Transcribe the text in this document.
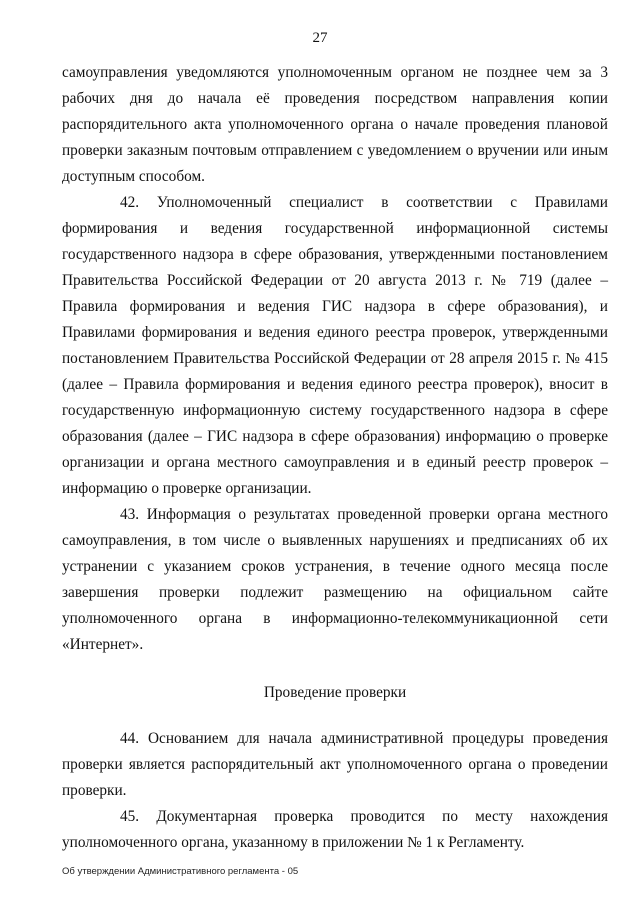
27

самоуправления уведомляются уполномоченным органом не позднее чем за 3 рабочих дня до начала её проведения посредством направления копии распорядительного акта уполномоченного органа о начале проведения плановой проверки заказным почтовым отправлением с уведомлением о вручении или иным доступным способом.

42. Уполномоченный специалист в соответствии с Правилами формирования и ведения государственной информационной системы государственного надзора в сфере образования, утвержденными постановлением Правительства Российской Федерации от 20 августа 2013 г. № 719 (далее – Правила формирования и ведения ГИС надзора в сфере образования), и Правилами формирования и ведения единого реестра проверок, утвержденными постановлением Правительства Российской Федерации от 28 апреля 2015 г. № 415 (далее – Правила формирования и ведения единого реестра проверок), вносит в государственную информационную систему государственного надзора в сфере образования (далее – ГИС надзора в сфере образования) информацию о проверке организации и органа местного самоуправления и в единый реестр проверок – информацию о проверке организации.

43. Информация о результатах проведенной проверки органа местного самоуправления, в том числе о выявленных нарушениях и предписаниях об их устранении с указанием сроков устранения, в течение одного месяца после завершения проверки подлежит размещению на официальном сайте уполномоченного органа в информационно-телекоммуникационной сети «Интернет».

Проведение проверки

44. Основанием для начала административной процедуры проведения проверки является распорядительный акт уполномоченного органа о проведении проверки.

45. Документарная проверка проводится по месту нахождения уполномоченного органа, указанному в приложении № 1 к Регламенту.

Об утверждении Административного регламента - 05
